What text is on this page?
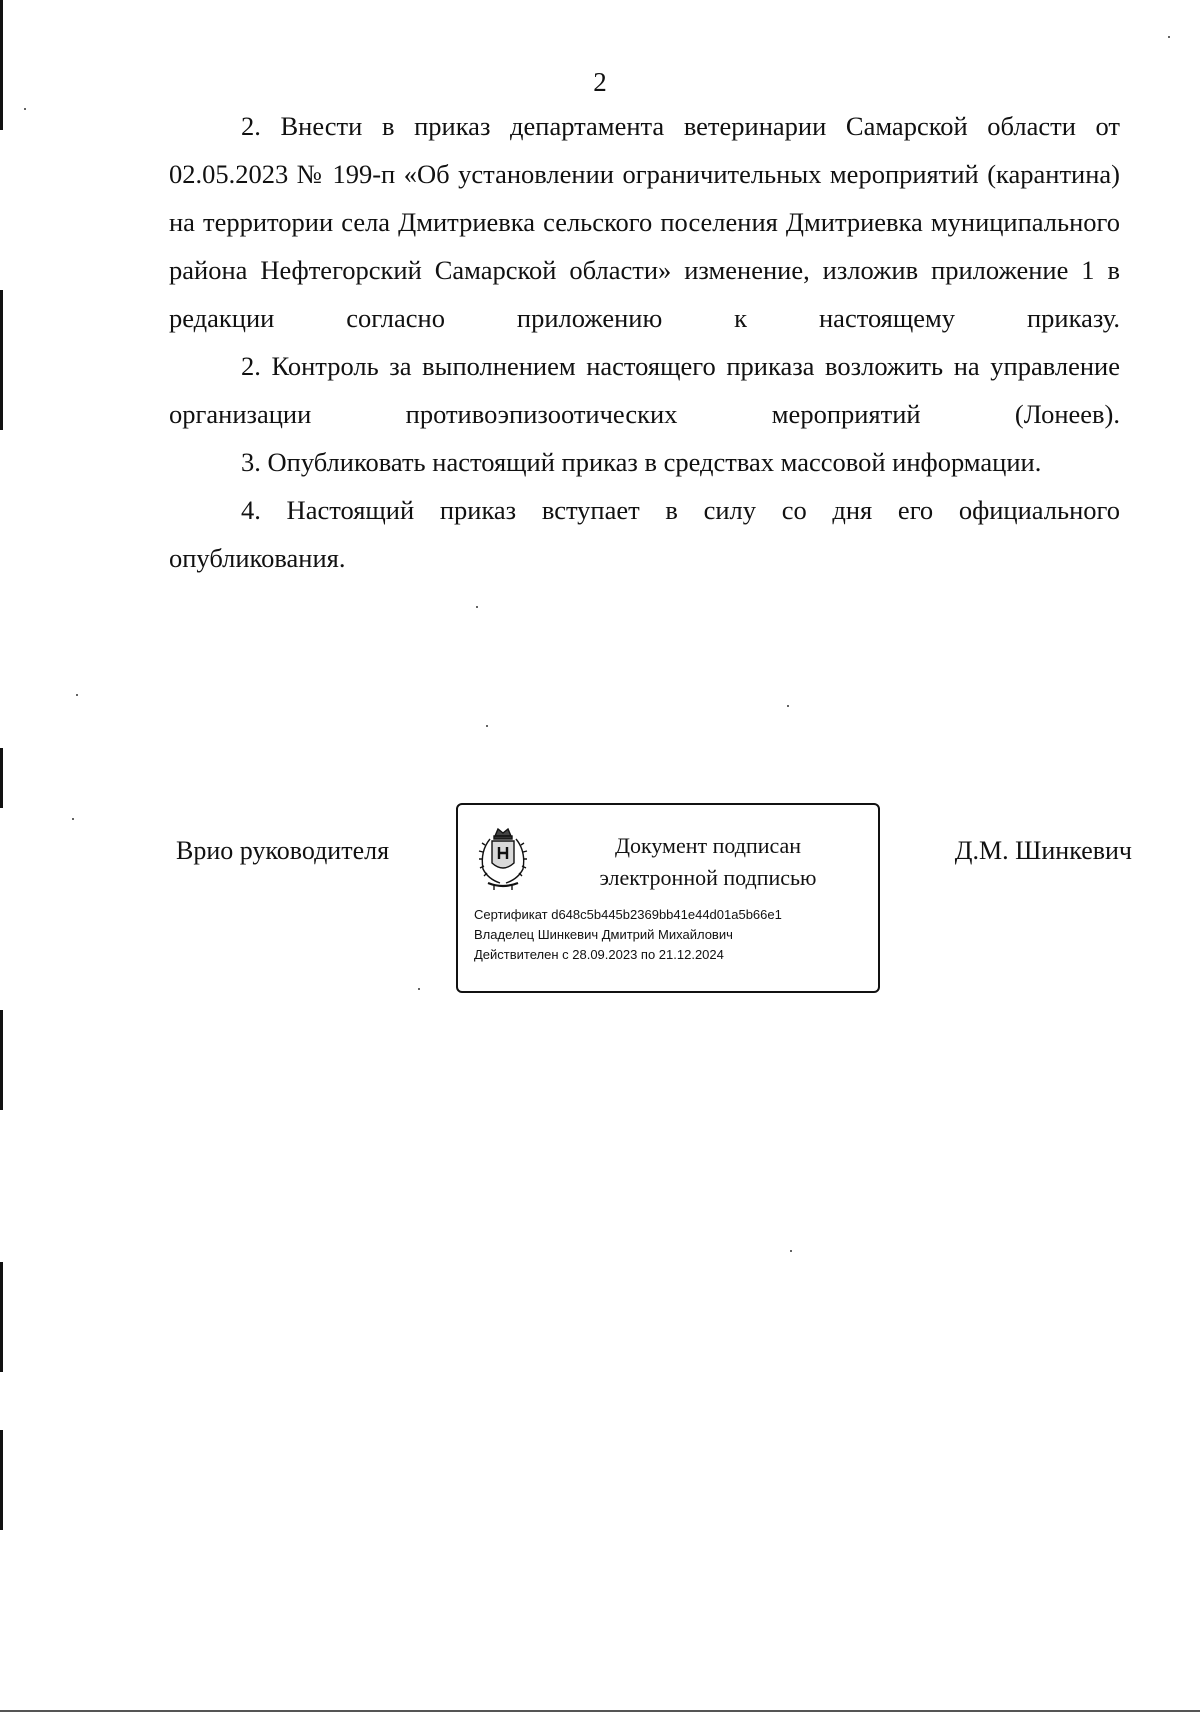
2

2. Внести в приказ департамента ветеринарии Самарской области от 02.05.2023 № 199-п «Об установлении ограничительных мероприятий (карантина) на территории села Дмитриевка сельского поселения Дмитриевка муниципального района Нефтегорский Самарской области» изменение, изложив приложение 1 в редакции согласно приложению к настоящему приказу.

2. Контроль за выполнением настоящего приказа возложить на управление организации противоэпизоотических мероприятий (Лонеев).

3. Опубликовать настоящий приказ в средствах массовой информации.

4. Настоящий приказ вступает в силу со дня его официального опубликования.

Врио руководителя	Документ подписан
электронной подписью
Сертификат d648c5b445b2369bb41e44d01a5b66e1
Владелец Шинкевич Дмитрий Михайлович
Действителен с 28.09.2023 по 21.12.2024
Д.М. Шинкевич
